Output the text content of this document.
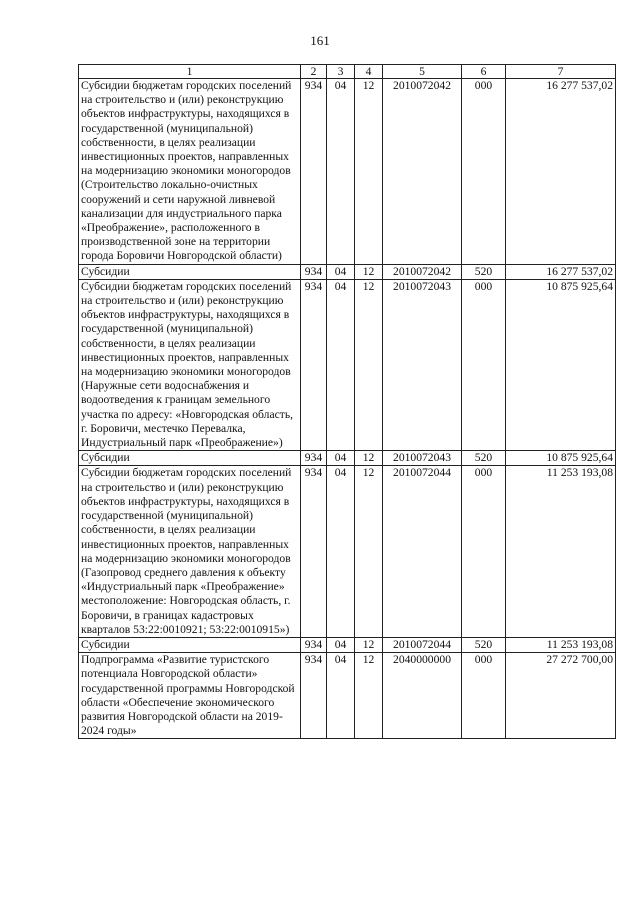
161
1	2	3	4	5	6	7
Субсидии бюджетам городских поселений на строительство и (или) реконструкцию объектов инфраструктуры, находящихся в государственной (муниципальной) собственности, в целях реализации инвестиционных проектов, направленных на модернизацию экономики моногородов (Строительство локально-очистных сооружений и сети наружной ливневой канализации для индустриального парка «Преображение», расположенного в производственной зоне на территории города Боровичи Новгородской области)	934	04	12	2010072042	000	16 277 537,02
Субсидии	934	04	12	2010072042	520	16 277 537,02
Субсидии бюджетам городских поселений на строительство и (или) реконструкцию объектов инфраструктуры, находящихся в государственной (муниципальной) собственности, в целях реализации инвестиционных проектов, направленных на модернизацию экономики моногородов (Наружные сети водоснабжения и водоотведения к границам земельного участка по адресу: «Новгородская область, г. Боровичи, местечко Перевалка, Индустриальный парк «Преображение»)	934	04	12	2010072043	000	10 875 925,64
Субсидии	934	04	12	2010072043	520	10 875 925,64
Субсидии бюджетам городских поселений на строительство и (или) реконструкцию объектов инфраструктуры, находящихся в государственной (муниципальной) собственности, в целях реализации инвестиционных проектов, направленных на модернизацию экономики моногородов (Газопровод среднего давления к объекту «Индустриальный парк «Преображение» местоположение: Новгородская область, г. Боровичи, в границах кадастровых кварталов 53:22:0010921; 53:22:0010915»)	934	04	12	2010072044	000	11 253 193,08
Субсидии	934	04	12	2010072044	520	11 253 193,08
Подпрограмма «Развитие туристского потенциала Новгородской области» государственной программы Новгородской области «Обеспечение экономического развития Новгородской области на 2019-2024 годы»	934	04	12	2040000000	000	27 272 700,00
